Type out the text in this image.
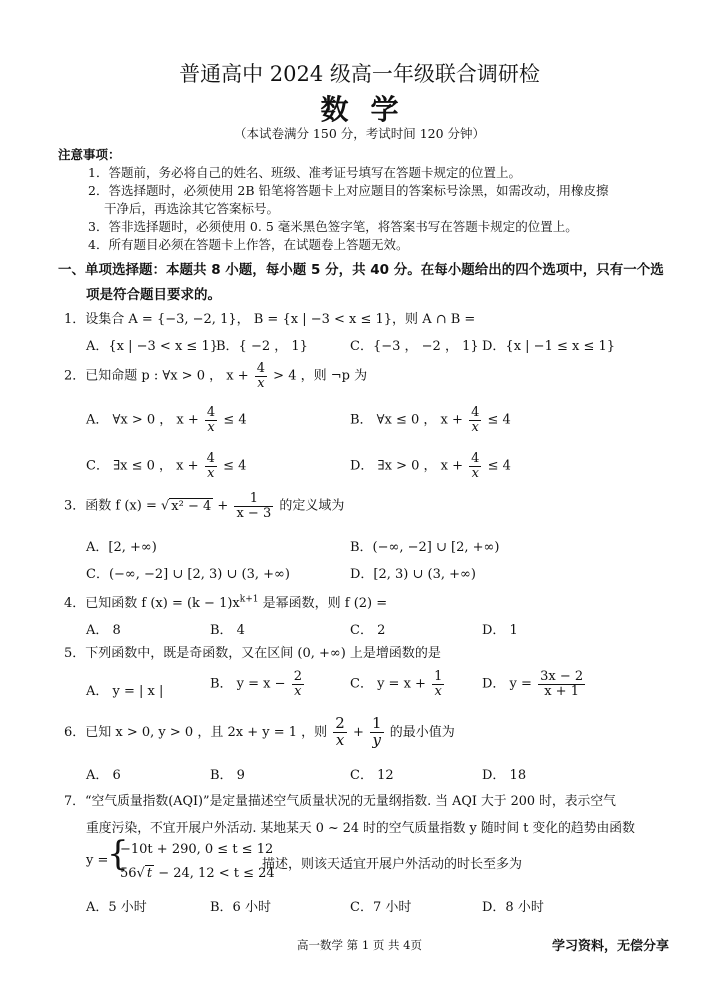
普通高中 2024 级高一年级联合调研检
数学
（本试卷满分 150 分，考试时间 120 分钟）
注意事项：
1．答题前，务必将自己的姓名、班级、准考证号填写在答题卡规定的位置上。
2．答选择题时，必须使用 2B 铅笔将答题卡上对应题目的答案标号涂黑，如需改动，用橡皮擦
干净后，再选涂其它答案标号。
3．答非选择题时，必须使用 0. 5 毫米黑色签字笔，将答案书写在答题卡规定的位置上。
4．所有题目必须在答题卡上作答，在试题卷上答题无效。
一、单项选择题：本题共 8 小题，每小题 5 分，共 40 分。在每小题给出的四个选项中，只有一个选
项是符合题目要求的。
1．设集合 A = {−3, −2, 1}， B = {x | −3 < x ≤ 1}，则 A ∩ B =
A．{x | −3 < x ≤ 1}
B．{ −2 ， 1}	C．{−3 ， −2 ， 1} D．{x | −1 ≤ x ≤ 1}
2．已知命题 p : ∀x > 0 ， $x + \frac{4}{x} > 4$ ，则 ¬p 为
A． ∀x > 0 ， $x + \frac{4}{x} \le 4$	B． ∀x ≤ 0 ， $x + \frac{4}{x} \le 4$
C． ∃x ≤ 0 ， $x + \frac{4}{x} \le 4$	D． ∃x > 0 ， $x + \frac{4}{x} \le 4$
3．函数 f (x) = √ $x^2 - 4 + \frac{1}{x - 3}$ 的定义域为
A．[2, +∞)	B．(−∞, −2] ∪ [2, +∞)
C．(−∞, −2] ∪ [2, 3) ∪ (3, +∞)	D．[2, 3) ∪ (3, +∞)
4．已知函数 f $(x) = (k - 1)x^{k+1}$ 是幂函数，则 f (2) =
A． 8	B． 4	C． 2	D． 1
5．下列函数中，既是奇函数，又在区间 (0, +∞) 上是增函数的是
A． y = | x |	B． $y = x - \frac{2}{x}$	C． $y = x + \frac{1}{x}$	D． $y = \frac{3x - 2}{x + 1}$
6．已知 x > 0, y > 0 ，且 2x + y = 1 ，则 $\frac{2}{x} + \frac{1}{y}$ 的最小值为
A． 6	B． 9	C． 12	D． 18
7．“空气质量指数(AQI)”是定量描述空气质量状况的无量纲指数. 当 AQI 大于 200 时，表示空气
重度污染，不宜开展户外活动. 某地某天 0 ~ 24 时的空气质量指数 y 随时间 t 变化的趋势由函数
y =
{
−10t + 290, 0 ≤ t ≤ 12
56√ t − 24, 12 < t ≤ 24
描述，则该天适宜开展户外活动的时长至多为
A．5 小时	B．6 小时	C．7 小时	D．8 小时
高一数学 第 1 页 共 4页	学习资料，无偿分享
